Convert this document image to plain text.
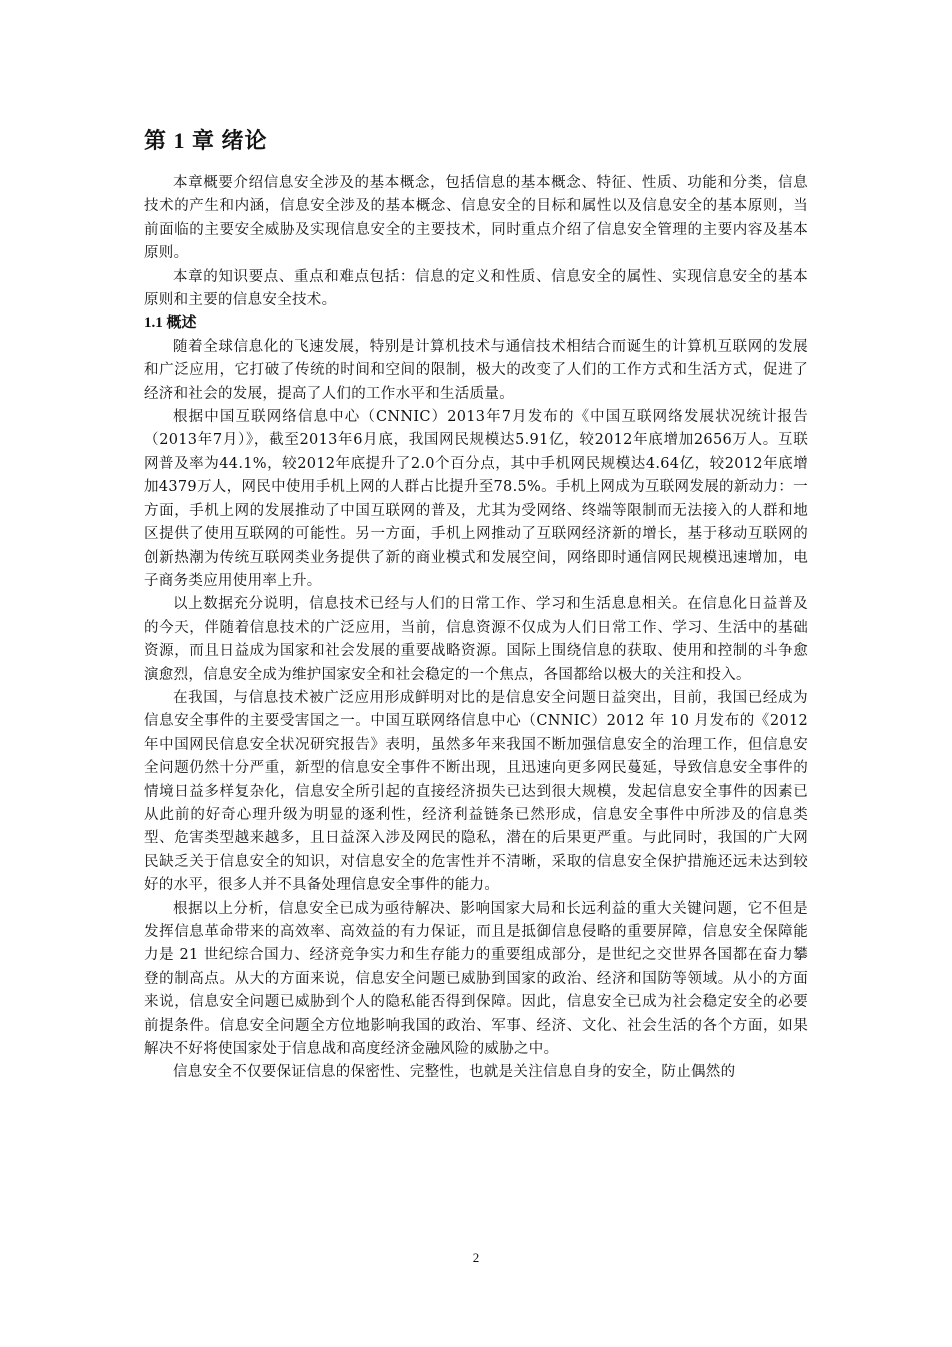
第 1 章 绪论

本章概要介绍信息安全涉及的基本概念，包括信息的基本概念、特征、性质、功能和分类，信息技术的产生和内涵，信息安全涉及的基本概念、信息安全的目标和属性以及信息安全的基本原则，当前面临的主要安全威胁及实现信息安全的主要技术，同时重点介绍了信息安全管理的主要内容及基本原则。

本章的知识要点、重点和难点包括：信息的定义和性质、信息安全的属性、实现信息安全的基本原则和主要的信息安全技术。

1.1 概述

随着全球信息化的飞速发展，特别是计算机技术与通信技术相结合而诞生的计算机互联网的发展和广泛应用，它打破了传统的时间和空间的限制，极大的改变了人们的工作方式和生活方式，促进了经济和社会的发展，提高了人们的工作水平和生活质量。

根据中国互联网络信息中心（CNNIC）2013年7月发布的《中国互联网络发展状况统计报告（2013年7月）》，截至2013年6月底，我国网民规模达5.91亿，较2012年底增加2656万人。互联网普及率为44.1%，较2012年底提升了2.0个百分点，其中手机网民规模达4.64亿，较2012年底增加4379万人，网民中使用手机上网的人群占比提升至78.5%。手机上网成为互联网发展的新动力：一方面，手机上网的发展推动了中国互联网的普及，尤其为受网络、终端等限制而无法接入的人群和地区提供了使用互联网的可能性。另一方面，手机上网推动了互联网经济新的增长，基于移动互联网的创新热潮为传统互联网类业务提供了新的商业模式和发展空间，网络即时通信网民规模迅速增加，电子商务类应用使用率上升。

以上数据充分说明，信息技术已经与人们的日常工作、学习和生活息息相关。在信息化日益普及的今天，伴随着信息技术的广泛应用，当前，信息资源不仅成为人们日常工作、学习、生活中的基础资源，而且日益成为国家和社会发展的重要战略资源。国际上围绕信息的获取、使用和控制的斗争愈演愈烈，信息安全成为维护国家安全和社会稳定的一个焦点，各国都给以极大的关注和投入。

在我国，与信息技术被广泛应用形成鲜明对比的是信息安全问题日益突出，目前，我国已经成为信息安全事件的主要受害国之一。中国互联网络信息中心（CNNIC）2012 年 10 月发布的《2012 年中国网民信息安全状况研究报告》表明，虽然多年来我国不断加强信息安全的治理工作，但信息安全问题仍然十分严重，新型的信息安全事件不断出现，且迅速向更多网民蔓延，导致信息安全事件的情境日益多样复杂化，信息安全所引起的直接经济损失已达到很大规模，发起信息安全事件的因素已从此前的好奇心理升级为明显的逐利性，经济利益链条已然形成，信息安全事件中所涉及的信息类型、危害类型越来越多，且日益深入涉及网民的隐私，潜在的后果更严重。与此同时，我国的广大网民缺乏关于信息安全的知识，对信息安全的危害性并不清晰，采取的信息安全保护措施还远未达到较好的水平，很多人并不具备处理信息安全事件的能力。

根据以上分析，信息安全已成为亟待解决、影响国家大局和长远利益的重大关键问题，它不但是发挥信息革命带来的高效率、高效益的有力保证，而且是抵御信息侵略的重要屏障，信息安全保障能力是 21 世纪综合国力、经济竞争实力和生存能力的重要组成部分，是世纪之交世界各国都在奋力攀登的制高点。从大的方面来说，信息安全问题已威胁到国家的政治、经济和国防等领域。从小的方面来说，信息安全问题已威胁到个人的隐私能否得到保障。因此，信息安全已成为社会稳定安全的必要前提条件。信息安全问题全方位地影响我国的政治、军事、经济、文化、社会生活的各个方面，如果解决不好将使国家处于信息战和高度经济金融风险的威胁之中。

信息安全不仅要保证信息的保密性、完整性，也就是关注信息自身的安全，防止偶然的

2
